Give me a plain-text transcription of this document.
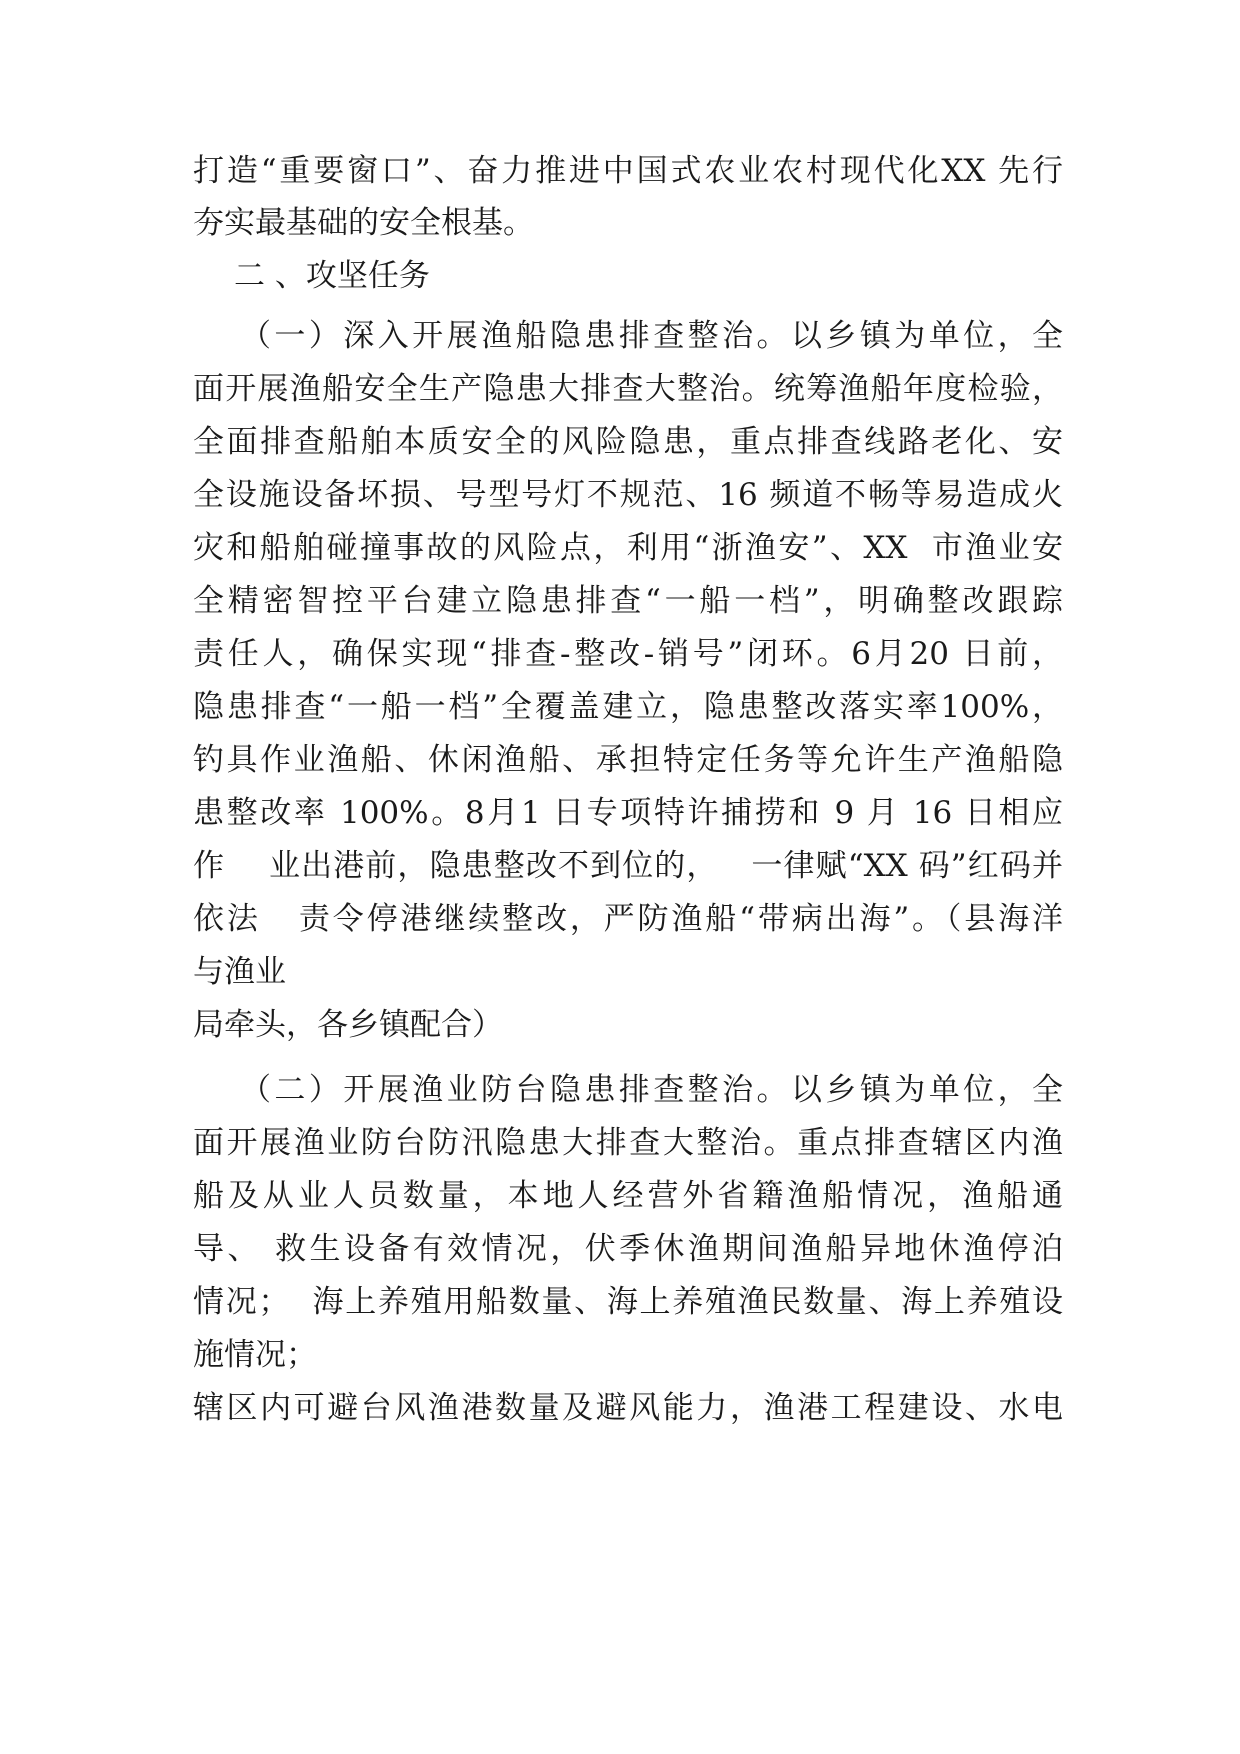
打造“重要窗口”、奋力推进中国式农业农村现代化XX 先行

夯实最基础的安全根基。

二 、攻坚任务

（一）深入开展渔船隐患排查整治。以乡镇为单位，全

面开展渔船安全生产隐患大排查大整治。统筹渔船年度检验，

全面排查船舶本质安全的风险隐患，重点排查线路老化、安

全设施设备坏损、号型号灯不规范、16 频道不畅等易造成火

灾和船舶碰撞事故的风险点，利用“浙渔安”、XX  市渔业安

全精密智控平台建立隐患排查“一船一档”，明确整改跟踪

责任人，确保实现“排查-整改-销号”闭环。6月20 日前，

隐患排查“一船一档”全覆盖建立，隐患整改落实率100%，

钓具作业渔船、休闲渔船、承担特定任务等允许生产渔船隐

患整改率 100%。8月1 日专项特许捕捞和 9 月 16 日相应

作    业出港前，隐患整改不到位的，   一律赋“XX 码”红码并

依法   责令停港继续整改，严防渔船“带病出海”。（县海洋

与渔业

局牵头，各乡镇配合）

（二）开展渔业防台隐患排查整治。以乡镇为单位，全

面开展渔业防台防汛隐患大排查大整治。重点排查辖区内渔

船及从业人员数量，本地人经营外省籍渔船情况，渔船通

导、 救生设备有效情况，伏季休渔期间渔船异地休渔停泊

情况；  海上养殖用船数量、海上养殖渔民数量、海上养殖设

施情况；

辖区内可避台风渔港数量及避风能力，渔港工程建设、水电
